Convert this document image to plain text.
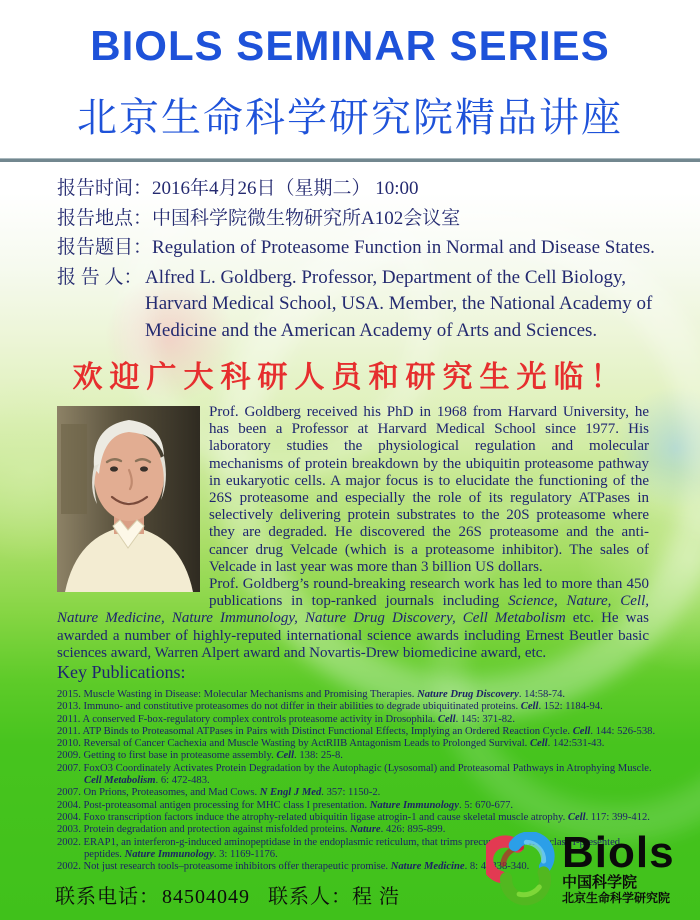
BIOLS SEMINAR SERIES
北京生命科学研究院精品讲座
报告时间： 2016年4月26日（星期二） 10:00
报告地点： 中国科学院微生物研究所A102会议室
报告题目： Regulation of Proteasome Function in Normal and Disease States.
报 告 人： Alfred L. Goldberg. Professor, Department of the Cell Biology, Harvard Medical School, USA. Member, the National Academy of Medicine and the American Academy of Arts and Sciences.
欢迎广大科研人员和研究生光临！

Prof. Goldberg received his PhD in 1968 from Harvard University, he has been a Professor at Harvard Medical School since 1977. His laboratory studies the physiological regulation and molecular mechanisms of protein breakdown by the ubiquitin proteasome pathway in eukaryotic cells. A major focus is to elucidate the functioning of the 26S proteasome and especially the role of its regulatory ATPases in selectively delivering protein substrates to the 20S proteasome where they are degraded. He discovered the 26S proteasome and the anti-cancer drug Velcade (which is a proteasome inhibitor). The sales of Velcade in last year was more than 3 billion US dollars.

Prof. Goldberg’s round-breaking research work has led to more than 450 publications in top-ranked journals including Science, Nature, Cell, Nature Medicine, Nature Immunology, Nature Drug Discovery, Cell Metabolism etc. He was awarded a number of highly-reputed international science awards including Ernest Beutler basic sciences award, Warren Alpert award and Novartis-Drew biomedicine award, etc.

Key Publications:
2015. Muscle Wasting in Disease: Molecular Mechanisms and Promising Therapies. Nature Drug Discovery. 14:58-74.
2013. Immuno- and constitutive proteasomes do not differ in their abilities to degrade ubiquitinated proteins. Cell. 152: 1184-94.
2011. A conserved F-box-regulatory complex controls proteasome activity in Drosophila. Cell. 145: 371-82.
2011. ATP Binds to Proteasomal ATPases in Pairs with Distinct Functional Effects, Implying an Ordered Reaction Cycle. Cell. 144: 526-538.
2010. Reversal of Cancer Cachexia and Muscle Wasting by ActRIIB Antagonism Leads to Prolonged Survival. Cell. 142:531-43.
2009. Getting to first base in proteasome assembly. Cell. 138: 25-8.
2007. FoxO3 Coordinately Activates Protein Degradation by the Autophagic (Lysosomal) and Proteasomal Pathways in Atrophying Muscle. Cell Metabolism. 6: 472-483.
2007. On Prions, Proteasomes, and Mad Cows. N Engl J Med. 357: 1150-2.
2004. Post-proteasomal antigen processing for MHC class I presentation. Nature Immunology. 5: 670-677.
2004. Foxo transcription factors induce the atrophy-related ubiquitin ligase atrogin-1 and cause skeletal muscle atrophy. Cell. 117: 399-412.
2003. Protein degradation and protection against misfolded proteins. Nature. 426: 895-899.
2002. ERAP1, an interferon-g-induced aminopeptidase in the endoplasmic reticulum, that trims precursors to MHC class I-presented peptides. Nature Immunology. 3: 1169-1176.
2002. Not just research tools–proteasome inhibitors offer therapeutic promise. Nature Medicine. 8: 4, 338-340.
联系电话： 84504049 联系人：程 浩
Biols
中国科学院
北京生命科学研究院
